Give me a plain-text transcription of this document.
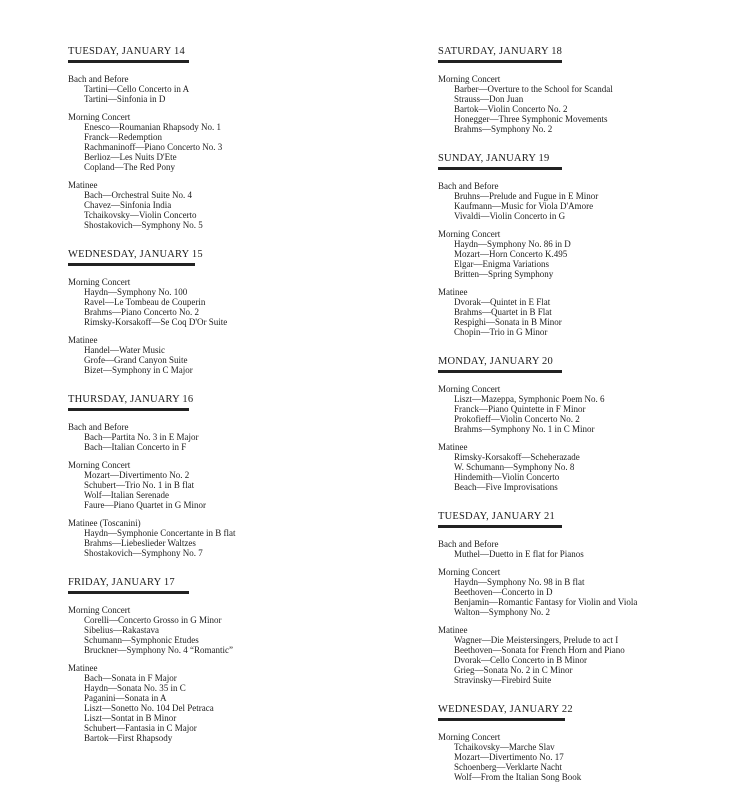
TUESDAY, JANUARY 14
Bach and Before
Tartini—Cello Concerto in A
Tartini—Sinfonia in D
Morning Concert
Enesco—Roumanian Rhapsody No. 1
Franck—Redemption
Rachmaninoff—Piano Concerto No. 3
Berlioz—Les Nuits D'Ete
Copland—The Red Pony
Matinee
Bach—Orchestral Suite No. 4
Chavez—Sinfonia India
Tchaikovsky—Violin Concerto
Shostakovich—Symphony No. 5
WEDNESDAY, JANUARY 15
Morning Concert
Haydn—Symphony No. 100
Ravel—Le Tombeau de Couperin
Brahms—Piano Concerto No. 2
Rimsky-Korsakoff—Se Coq D'Or Suite
Matinee
Handel—Water Music
Grofe—Grand Canyon Suite
Bizet—Symphony in C Major
THURSDAY, JANUARY 16
Bach and Before
Bach—Partita No. 3 in E Major
Bach—Italian Concerto in F
Morning Concert
Mozart—Divertimento No. 2
Schubert—Trio No. 1 in B flat
Wolf—Italian Serenade
Faure—Piano Quartet in G Minor
Matinee (Toscanini)
Haydn—Symphonie Concertante in B flat
Brahms—Liebeslieder Waltzes
Shostakovich—Symphony No. 7
FRIDAY, JANUARY 17
Morning Concert
Corelli—Concerto Grosso in G Minor
Sibelius—Rakastava
Schumann—Symphonic Etudes
Bruckner—Symphony No. 4 “Romantic”
Matinee
Bach—Sonata in F Major
Haydn—Sonata No. 35 in C
Paganini—Sonata in A
Liszt—Sonetto No. 104 Del Petraca
Liszt—Sontat in B Minor
Schubert—Fantasia in C Major
Bartok—First Rhapsody
SATURDAY, JANUARY 18
Morning Concert
Barber—Overture to the School for Scandal
Strauss—Don Juan
Bartok—Violin Concerto No. 2
Honegger—Three Symphonic Movements
Brahms—Symphony No. 2
SUNDAY, JANUARY 19
Bach and Before
Bruhns—Prelude and Fugue in E Minor
Kaufmann—Music for Viola D'Amore
Vivaldi—Violin Concerto in G
Morning Concert
Haydn—Symphony No. 86 in D
Mozart—Horn Concerto K.495
Elgar—Enigma Variations
Britten—Spring Symphony
Matinee
Dvorak—Quintet in E Flat
Brahms—Quartet in B Flat
Respighi—Sonata in B Minor
Chopin—Trio in G Minor
MONDAY, JANUARY 20
Morning Concert
Liszt—Mazeppa, Symphonic Poem No. 6
Franck—Piano Quintette in F Minor
Prokofieff—Violin Concerto No. 2
Brahms—Symphony No. 1 in C Minor
Matinee
Rimsky-Korsakoff—Scheherazade
W. Schumann—Symphony No. 8
Hindemith—Violin Concerto
Beach—Five Improvisations
TUESDAY, JANUARY 21
Bach and Before
Muthel—Duetto in E flat for Pianos
Morning Concert
Haydn—Symphony No. 98 in B flat
Beethoven—Concerto in D
Benjamin—Romantic Fantasy for Violin and Viola
Walton—Symphony No. 2
Matinee
Wagner—Die Meistersingers, Prelude to act I
Beethoven—Sonata for French Horn and Piano
Dvorak—Cello Concerto in B Minor
Grieg—Sonata No. 2 in C Minor
Stravinsky—Firebird Suite
WEDNESDAY, JANUARY 22
Morning Concert
Tchaikovsky—Marche Slav
Mozart—Divertimento No. 17
Schoenberg—Verklarte Nacht
Wolf—From the Italian Song Book
